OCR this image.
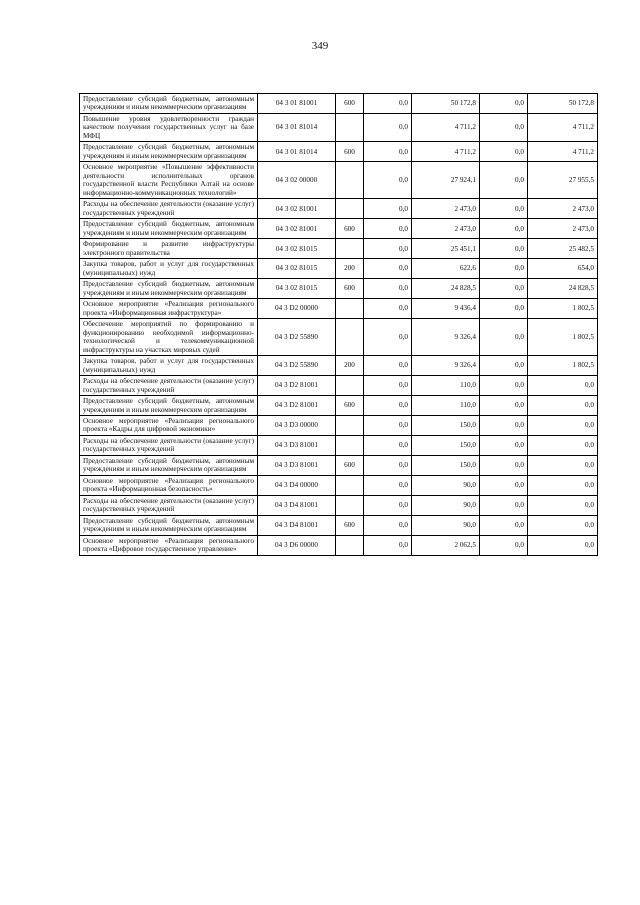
349
Предоставление субсидий бюджетным, автономным учреждениям и иным некоммерческим организациям	04 3 01 81001	600	0,0	50 172,8	0,0	50 172,8
Повышение уровня удовлетворенности граждан качеством получения государственных услуг на базе МФЦ	04 3 01 81014		0,0	4 711,2	0,0	4 711,2
Предоставление субсидий бюджетным, автономным учреждениям и иным некоммерческим организациям	04 3 01 81014	600	0,0	4 711,2	0,0	4 711,2
Основное мероприятие «Повышение эффективности деятельности исполнительных органов государственной власти Республики Алтай на основе информационно-коммуникационных технологий»	04 3 02 00000		0,0	27 924,1	0,0	27 955,5
Расходы на обеспечение деятельности (оказание услуг) государственных учреждений	04 3 02 81001		0,0	2 473,0	0,0	2 473,0
Предоставление субсидий бюджетным, автономным учреждениям и иным некоммерческим организациям	04 3 02 81001	600	0,0	2 473,0	0,0	2 473,0
Формирование и развитие инфраструктуры электронного правительства	04 3 02 81015		0,0	25 451,1	0,0	25 482,5
Закупка товаров, работ и услуг для государственных (муниципальных) нужд	04 3 02 81015	200	0,0	622,6	0,0	654,0
Предоставление субсидий бюджетным, автономным учреждениям и иным некоммерческим организациям	04 3 02 81015	600	0,0	24 828,5	0,0	24 828,5
Основное мероприятие «Реализация регионального проекта «Информационная инфраструктура»	04 3 D2 00000		0,0	9 436,4	0,0	1 802,5
Обеспечение мероприятий по формированию и функционированию необходимой информационно-технологической и телекоммуникационной инфраструктуры на участках мировых судей	04 3 D2 55890		0,0	9 326,4	0,0	1 802,5
Закупка товаров, работ и услуг для государственных (муниципальных) нужд	04 3 D2 55890	200	0,0	9 326,4	0,0	1 802,5
Расходы на обеспечение деятельности (оказание услуг) государственных учреждений	04 3 D2 81001		0,0	110,0	0,0	0,0
Предоставление субсидий бюджетным, автономным учреждениям и иным некоммерческим организациям	04 3 D2 81001	600	0,0	110,0	0,0	0,0
Основное мероприятие «Реализация регионального проекта «Кадры для цифровой экономики»	04 3 D3 00000		0,0	150,0	0,0	0,0
Расходы на обеспечение деятельности (оказание услуг) государственных учреждений	04 3 D3 81001		0,0	150,0	0,0	0,0
Предоставление субсидий бюджетным, автономным учреждениям и иным некоммерческим организациям	04 3 D3 81001	600	0,0	150,0	0,0	0,0
Основное мероприятие «Реализация регионального проекта «Информационная безопасность»	04 3 D4 00000		0,0	90,0	0,0	0,0
Расходы на обеспечение деятельности (оказание услуг) государственных учреждений	04 3 D4 81001		0,0	90,0	0,0	0,0
Предоставление субсидий бюджетным, автономным учреждениям и иным некоммерческим организациям	04 3 D4 81001	600	0,0	90,0	0,0	0,0
Основное мероприятие «Реализация регионального проекта «Цифровое государственное управление»	04 3 D6 00000		0,0	2 062,5	0,0	0,0
